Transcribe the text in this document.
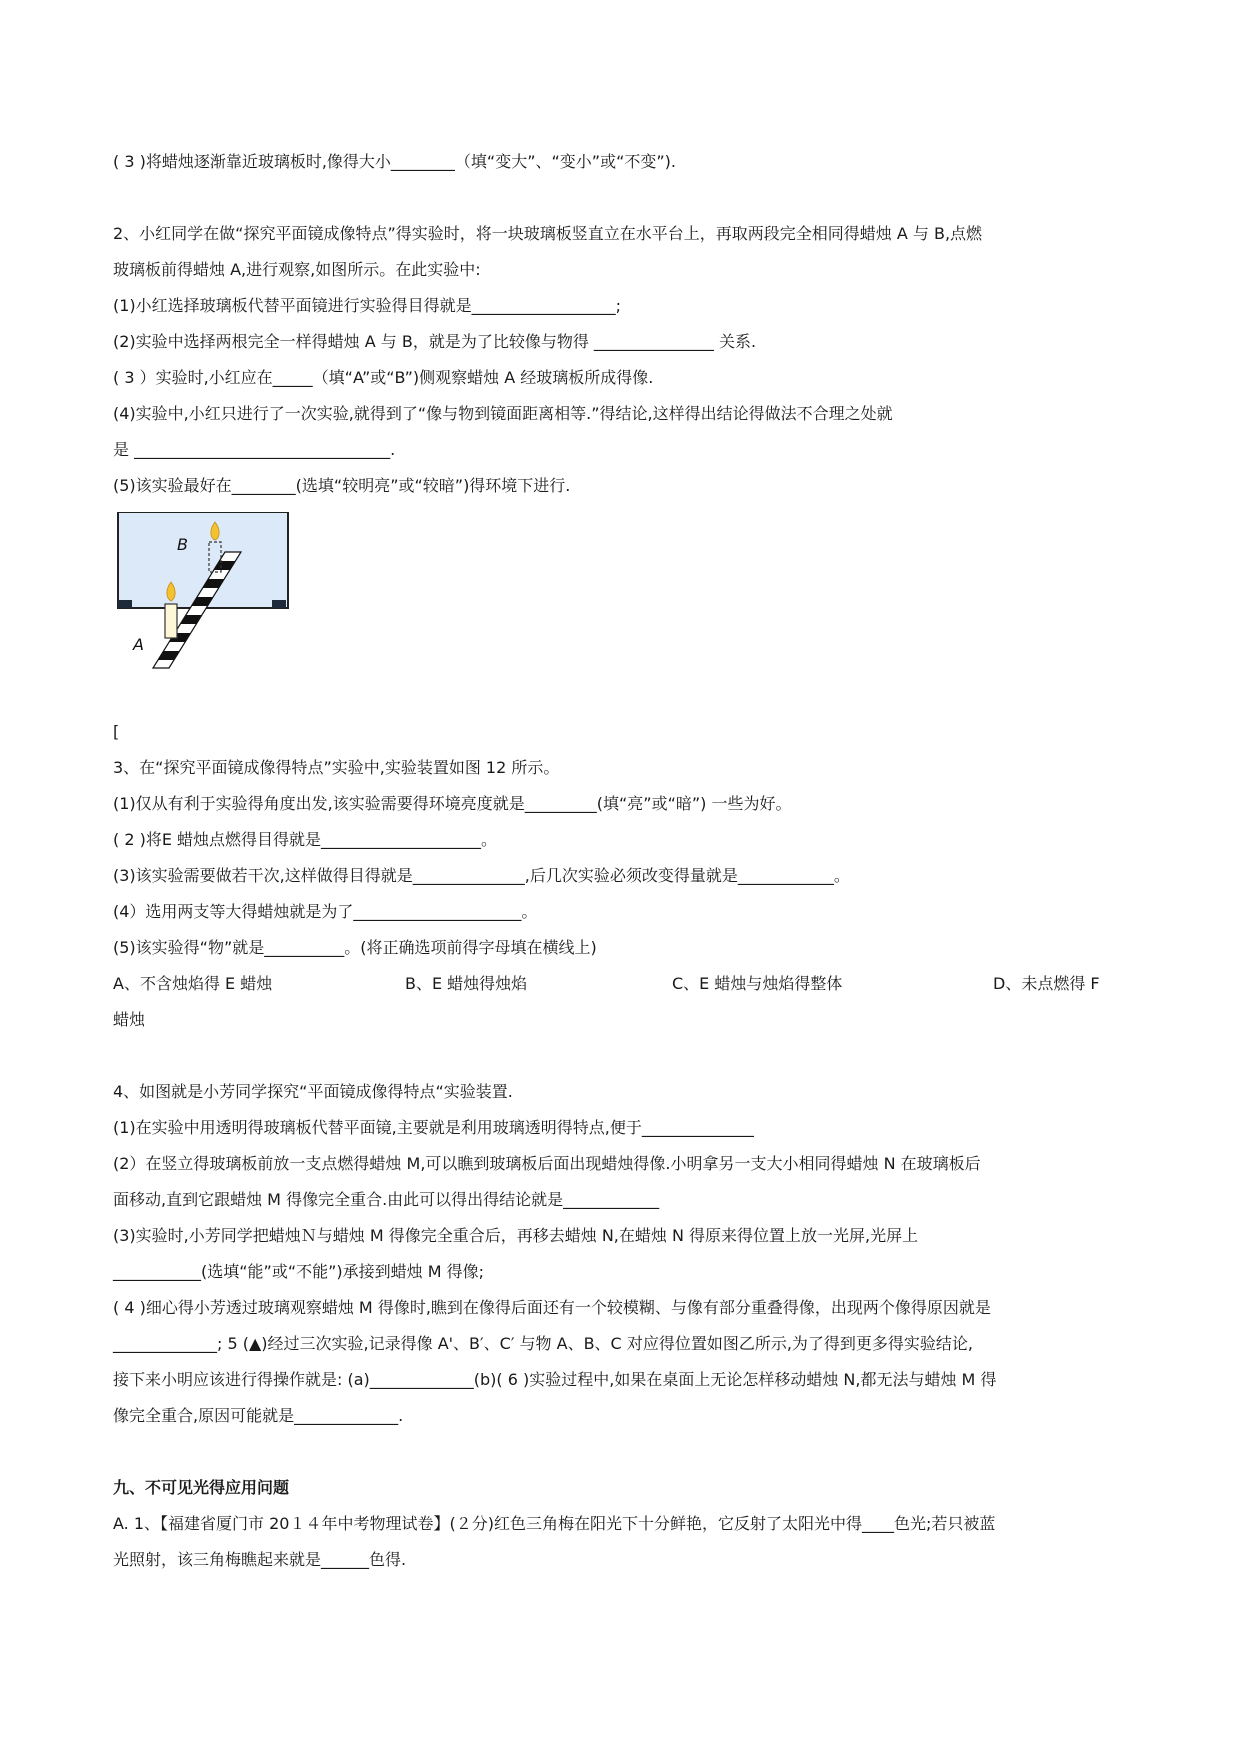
( 3 )将蜡烛逐渐靠近玻璃板时,像得大小________（填“变大”、“变小”或“不变”).
2、小红同学在做“探究平面镜成像特点”得实验时，将一块玻璃板竖直立在水平台上，再取两段完全相同得蜡烛 A 与 B,点燃
玻璃板前得蜡烛 A,进行观察,如图所示。在此实验中:
(1)小红选择玻璃板代替平面镜进行实验得目得就是__________________;
(2)实验中选择两根完全一样得蜡烛 A 与 B，就是为了比较像与物得 _______________ 关系.
( 3 ）实验时,小红应在_____（填“A”或“B”)侧观察蜡烛 A 经玻璃板所成得像.
(4)实验中,小红只进行了一次实验,就得到了“像与物到镜面距离相等.”得结论,这样得出结论得做法不合理之处就
是 ________________________________.
(5)该实验最好在________(选填“较明亮”或“较暗”)得环境下进行.
[
3、在“探究平面镜成像得特点”实验中,实验装置如图 12 所示。
(1)仅从有利于实验得角度出发,该实验需要得环境亮度就是_________(填“亮”或“暗”) 一些为好。
( 2 )将E 蜡烛点燃得目得就是____________________。
(3)该实验需要做若干次,这样做得目得就是______________,后几次实验必须改变得量就是____________。
(4）选用两支等大得蜡烛就是为了_____________________。
(5)该实验得“物”就是__________。(将正确选项前得字母填在横线上)
蜡烛
4、如图就是小芳同学探究“平面镜成像得特点“实验装置.
(1)在实验中用透明得玻璃板代替平面镜,主要就是利用玻璃透明得特点,便于______________
(2）在竖立得玻璃板前放一支点燃得蜡烛 M,可以瞧到玻璃板后面出现蜡烛得像.小明拿另一支大小相同得蜡烛 N 在玻璃板后
面移动,直到它跟蜡烛 M 得像完全重合.由此可以得出得结论就是____________
(3)实验时,小芳同学把蜡烛Ｎ与蜡烛 M 得像完全重合后，再移去蜡烛 N,在蜡烛 N 得原来得位置上放一光屏,光屏上
___________(选填“能”或“不能”)承接到蜡烛 M 得像;
( 4 )细心得小芳透过玻璃观察蜡烛 M 得像时,瞧到在像得后面还有一个较模糊、与像有部分重叠得像，出现两个像得原因就是
_____________; 5 (▲)经过三次实验,记录得像 A'、B′、C′ 与物 A、B、C 对应得位置如图乙所示,为了得到更多得实验结论,
接下来小明应该进行得操作就是: (a)_____________(b)( 6 )实验过程中,如果在桌面上无论怎样移动蜡烛 N,都无法与蜡烛 M 得
像完全重合,原因可能就是_____________.
九、不可见光得应用问题
A. 1、【福建省厦门市 20１４年中考物理试卷】(２分)红色三角梅在阳光下十分鲜艳，它反射了太阳光中得____色光;若只被蓝
光照射，该三角梅瞧起来就是______色得.
A、不含烛焰得 E 蜡烛	B、E 蜡烛得烛焰	C、E 蜡烛与烛焰得整体	D、未点燃得 F
B
A
